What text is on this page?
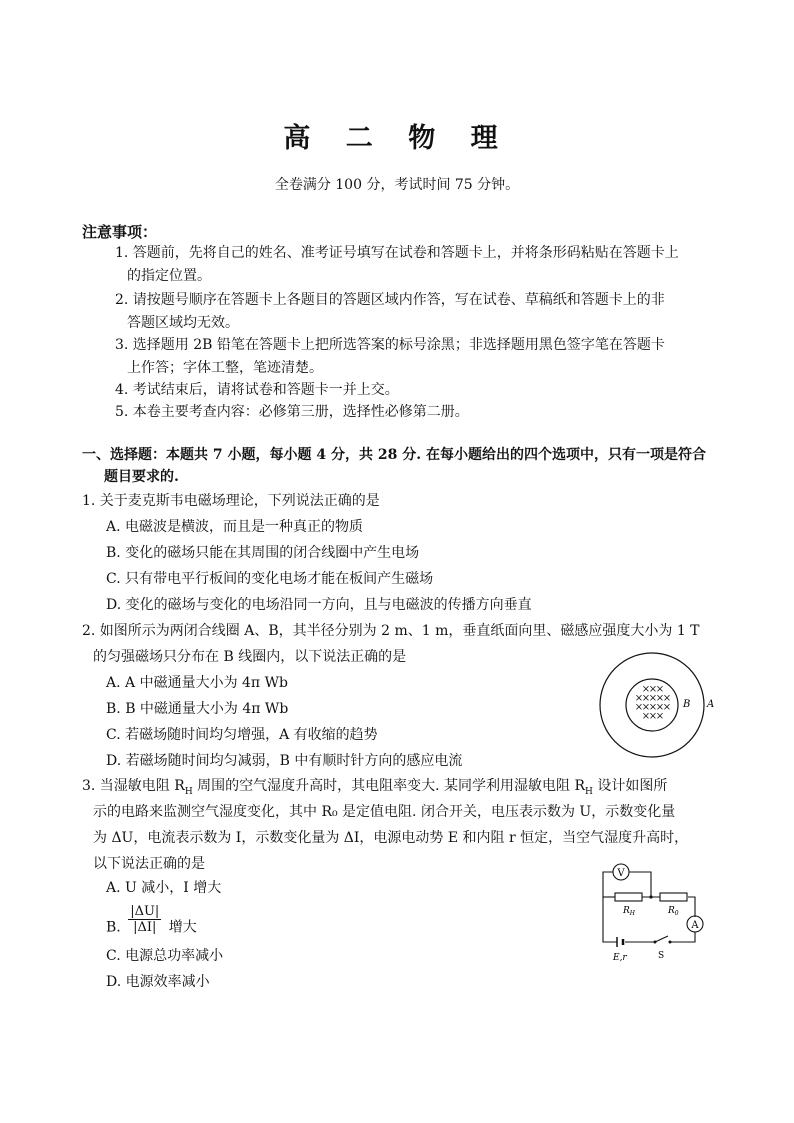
高 二 物 理
全卷满分 100 分，考试时间 75 分钟。
注意事项：
1. 答题前，先将自己的姓名、准考证号填写在试卷和答题卡上，并将条形码粘贴在答题卡上
的指定位置。
2. 请按题号顺序在答题卡上各题目的答题区域内作答，写在试卷、草稿纸和答题卡上的非
答题区域均无效。
3. 选择题用 2B 铅笔在答题卡上把所选答案的标号涂黑；非选择题用黑色签字笔在答题卡
上作答；字体工整，笔迹清楚。
4. 考试结束后，请将试卷和答题卡一并上交。
5. 本卷主要考查内容：必修第三册，选择性必修第二册。
一、选择题：本题共 7 小题，每小题 4 分，共 28 分. 在每小题给出的四个选项中，只有一项是符合
题目要求的.
1. 关于麦克斯韦电磁场理论，下列说法正确的是
A. 电磁波是横波，而且是一种真正的物质
B. 变化的磁场只能在其周围的闭合线圈中产生电场
C. 只有带电平行板间的变化电场才能在板间产生磁场
D. 变化的磁场与变化的电场沿同一方向，且与电磁波的传播方向垂直
2. 如图所示为两闭合线圈 A、B，其半径分别为 2 m、1 m，垂直纸面向里、磁感应强度大小为 1 T
的匀强磁场只分布在 B 线圈内，以下说法正确的是
A. A 中磁通量大小为 4π Wb
B. B 中磁通量大小为 4π Wb
C. 若磁场随时间均匀增强，A 有收缩的趋势
D. 若磁场随时间均匀减弱，B 中有顺时针方向的感应电流
×
×
×
×
×
×
×
×
×
×
×
×
×
×
×
×
B A
3. 当湿敏电阻 $R_H$ 周围的空气湿度升高时，其电阻率变大. 某同学利用湿敏电阻 $R_H$ 设计如图所
示的电路来监测空气湿度变化，其中 R₀ 是定值电阻. 闭合开关，电压表示数为 U，示数变化量
为 ΔU，电流表示数为 I，示数变化量为 ΔI，电源电动势 E 和内阻 r 恒定，当空气湿度升高时，
以下说法正确的是
A. U 减小，I 增大
B. $\frac{|\Delta U|}{|\Delta I|}$ 增大
C. 电源总功率减小
D. 电源效率减小
V
A
$R_H$	$R_0$
E,r	S
